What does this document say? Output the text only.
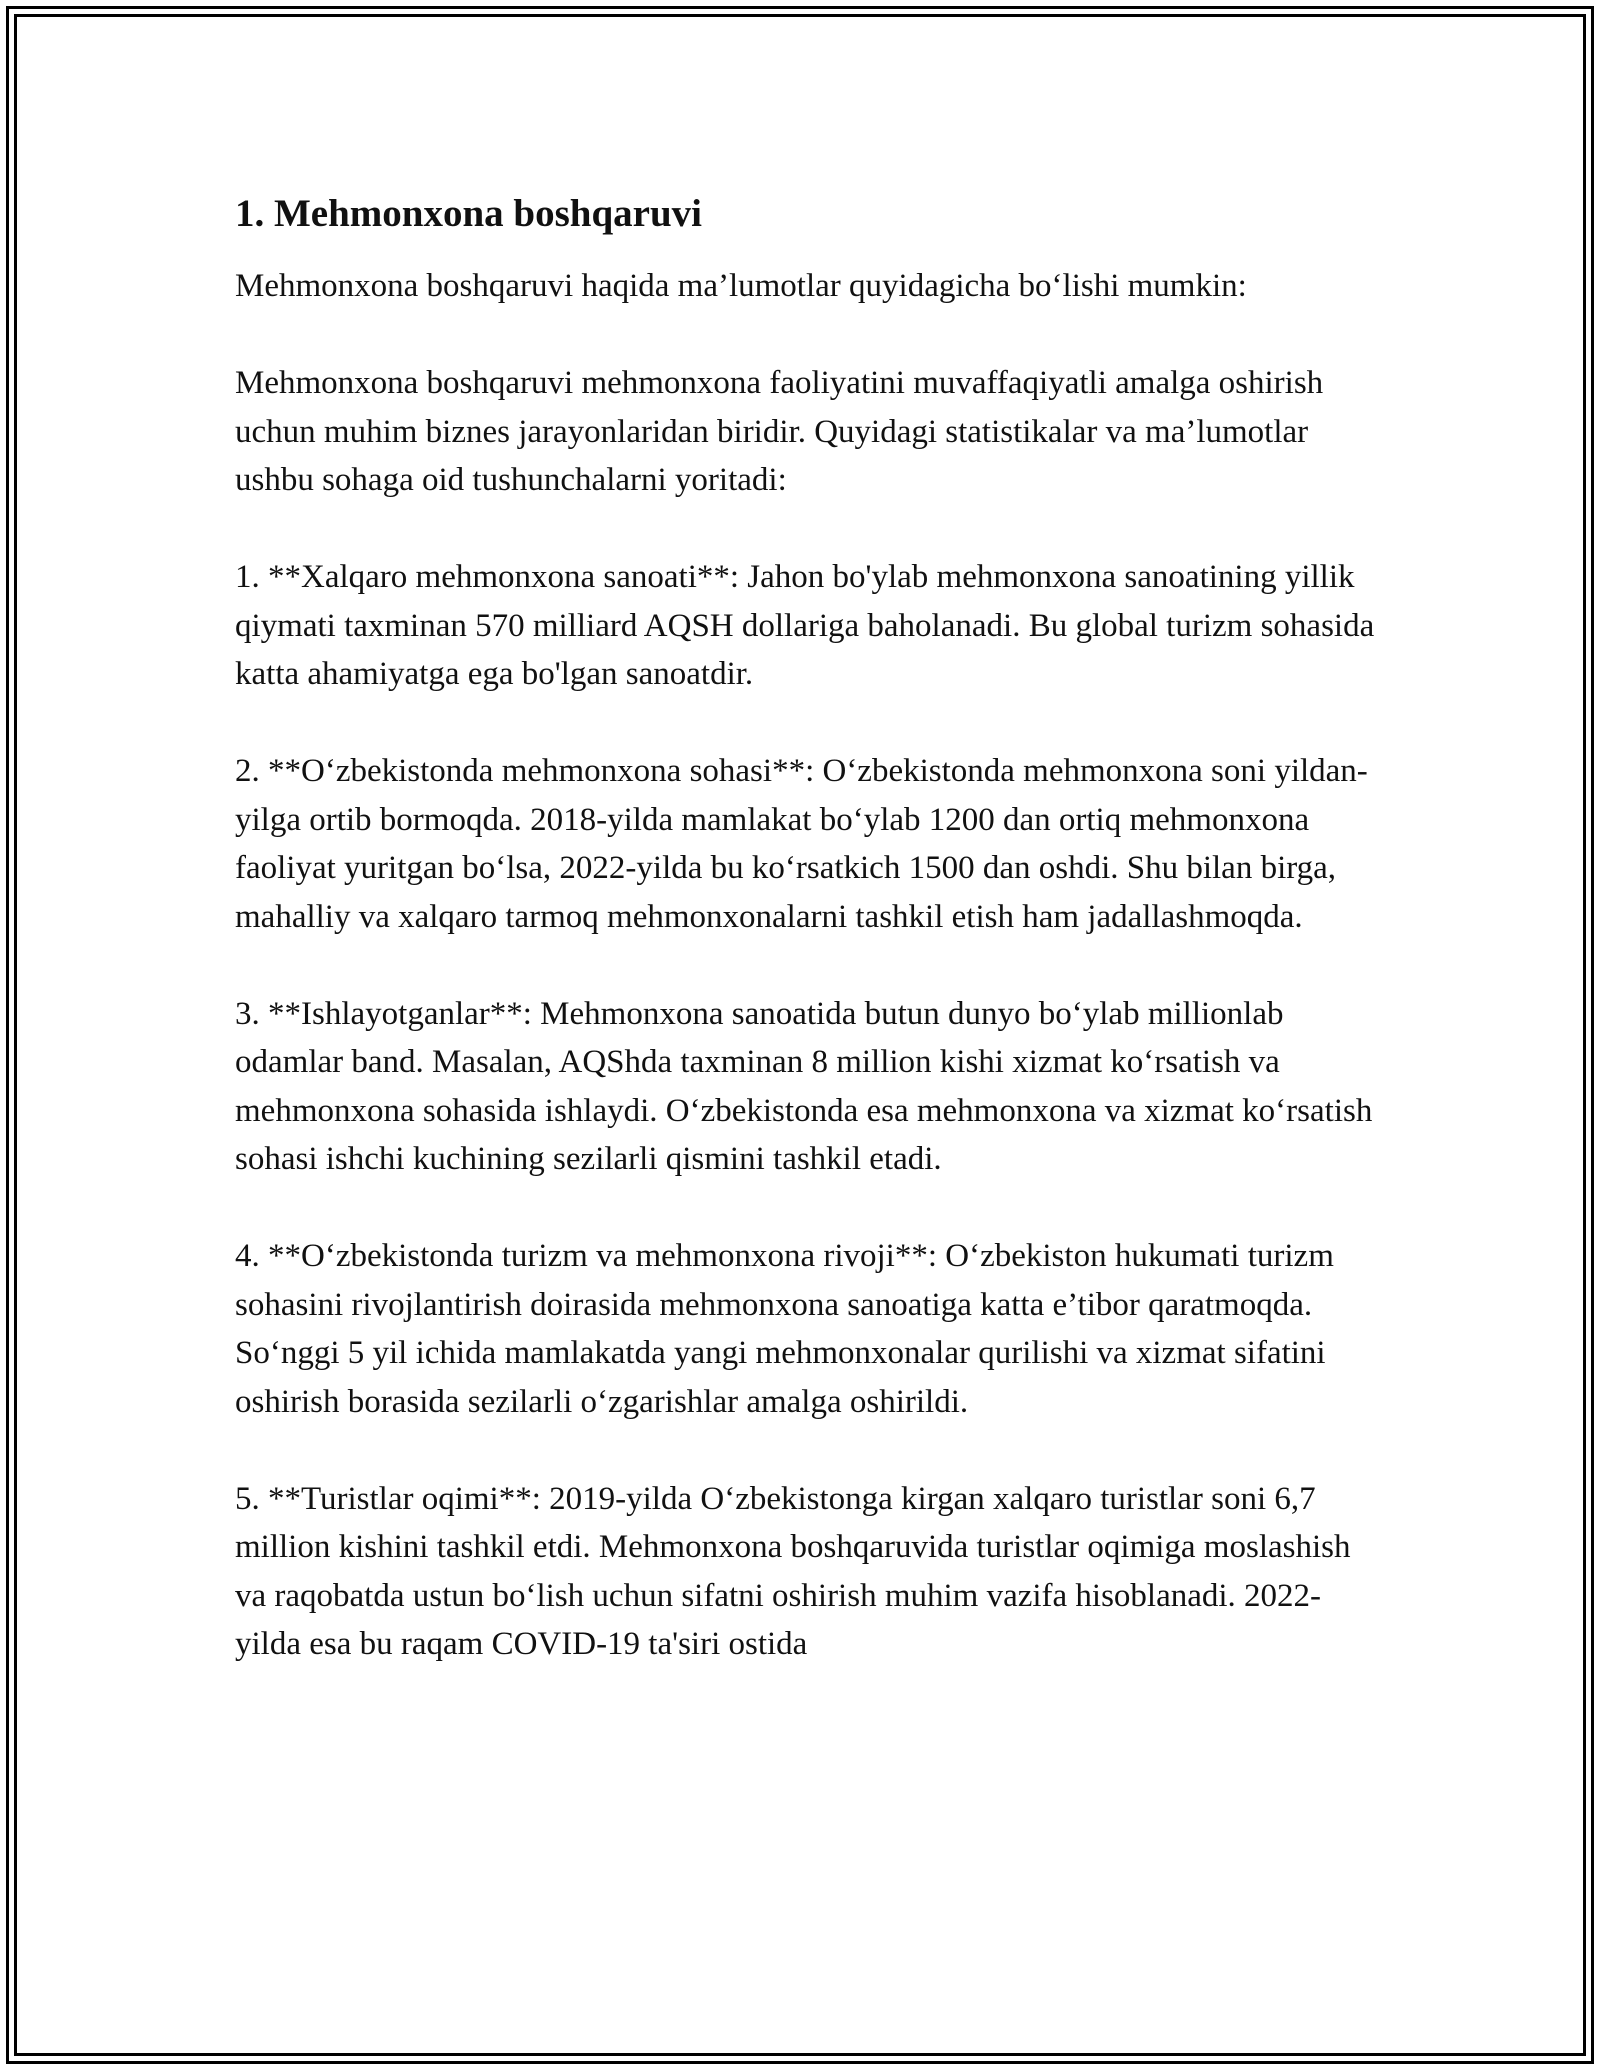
1. Mehmonxona boshqaruvi

Mehmonxona boshqaruvi haqida ma’lumotlar quyidagicha bo‘lishi mumkin:

Mehmonxona boshqaruvi mehmonxona faoliyatini muvaffaqiyatli amalga oshirish uchun muhim biznes jarayonlaridan biridir. Quyidagi statistikalar va ma’lumotlar ushbu sohaga oid tushunchalarni yoritadi:

1. **Xalqaro mehmonxona sanoati**: Jahon bo'ylab mehmonxona sanoatining yillik qiymati taxminan 570 milliard AQSH dollariga baholanadi. Bu global turizm sohasida katta ahamiyatga ega bo'lgan sanoatdir.

2. **O‘zbekistonda mehmonxona sohasi**: O‘zbekistonda mehmonxona soni yildan-yilga ortib bormoqda. 2018-yilda mamlakat bo‘ylab 1200 dan ortiq mehmonxona faoliyat yuritgan bo‘lsa, 2022-yilda bu ko‘rsatkich 1500 dan oshdi. Shu bilan birga, mahalliy va xalqaro tarmoq mehmonxonalarni tashkil etish ham jadallashmoqda.

3. **Ishlayotganlar**: Mehmonxona sanoatida butun dunyo bo‘ylab millionlab odamlar band. Masalan, AQShda taxminan 8 million kishi xizmat ko‘rsatish va mehmonxona sohasida ishlaydi. O‘zbekistonda esa mehmonxona va xizmat ko‘rsatish sohasi ishchi kuchining sezilarli qismini tashkil etadi.

4. **O‘zbekistonda turizm va mehmonxona rivoji**: O‘zbekiston hukumati turizm sohasini rivojlantirish doirasida mehmonxona sanoatiga katta e’tibor qaratmoqda. So‘nggi 5 yil ichida mamlakatda yangi mehmonxonalar qurilishi va xizmat sifatini oshirish borasida sezilarli o‘zgarishlar amalga oshirildi.

5. **Turistlar oqimi**: 2019-yilda O‘zbekistonga kirgan xalqaro turistlar soni 6,7 million kishini tashkil etdi. Mehmonxona boshqaruvida turistlar oqimiga moslashish va raqobatda ustun bo‘lish uchun sifatni oshirish muhim vazifa hisoblanadi. 2022-yilda esa bu raqam COVID-19 ta'siri ostida
